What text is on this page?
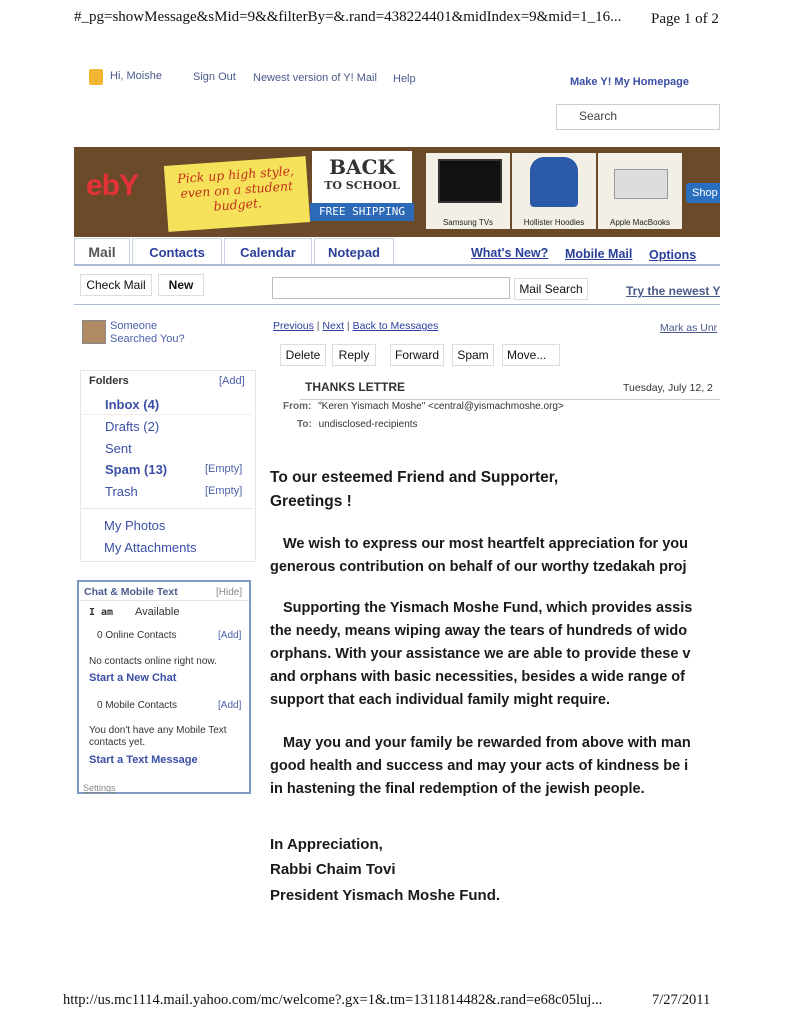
#_pg=showMessage&sMid=9&&filterBy=&.rand=438224401&midIndex=9&mid=1_16... Page 1 of 2
Hi, Moishe	Sign Out Newest version of Y! Mail Help	Make Y! My Homepage
Search
ebY	Pick up high style, even on a student budget.
BACK
TO SCHOOL
FREE SHIPPING
Samsung TVs	Hollister Hoodies	Apple MacBooks
Shop
Mail	Contacts	Calendar	Notepad	What's New? Mobile Mail Options
Check Mail	New	Mail Search	Try the newest Y
Someone Searched You?
Folders	[Add]
Inbox (4)
Drafts (2)
Sent
Spam (13)	[Empty]
Trash	[Empty]
My Photos
My Attachments
Chat & Mobile Text	[Hide]
I am Available
0 Online Contacts	[Add]
No contacts online right now.
Start a New Chat
0 Mobile Contacts	[Add]
You don't have any Mobile Text contacts yet.
Start a Text Message
Settings
Previous | Next | Back to Messages	Mark as Unr
Delete	Reply	Forward	Spam	Move...
THANKS LETTRE	Tuesday, July 12, 2
From: "Keren Yismach Moshe" <central@yismachmoshe.org>
To: undisclosed-recipients
To our esteemed Friend and Supporter,
Greetings !
We wish to express our most heartfelt appreciation for you
generous contribution on behalf of our worthy tzedakah proj
Supporting the Yismach Moshe Fund, which provides assis
the needy, means wiping away the tears of hundreds of wido
orphans. With your assistance we are able to provide these v
and orphans with basic necessities, besides a wide range of
support that each individual family might require.
May you and your family be rewarded from above with man
good health and success and may your acts of kindness be i
in hastening the final redemption of the jewish people.
In Appreciation,
Rabbi Chaim Tovi
President Yismach Moshe Fund.
http://us.mc1114.mail.yahoo.com/mc/welcome?.gx=1&.tm=1311814482&.rand=e68c05luj...	7/27/2011
